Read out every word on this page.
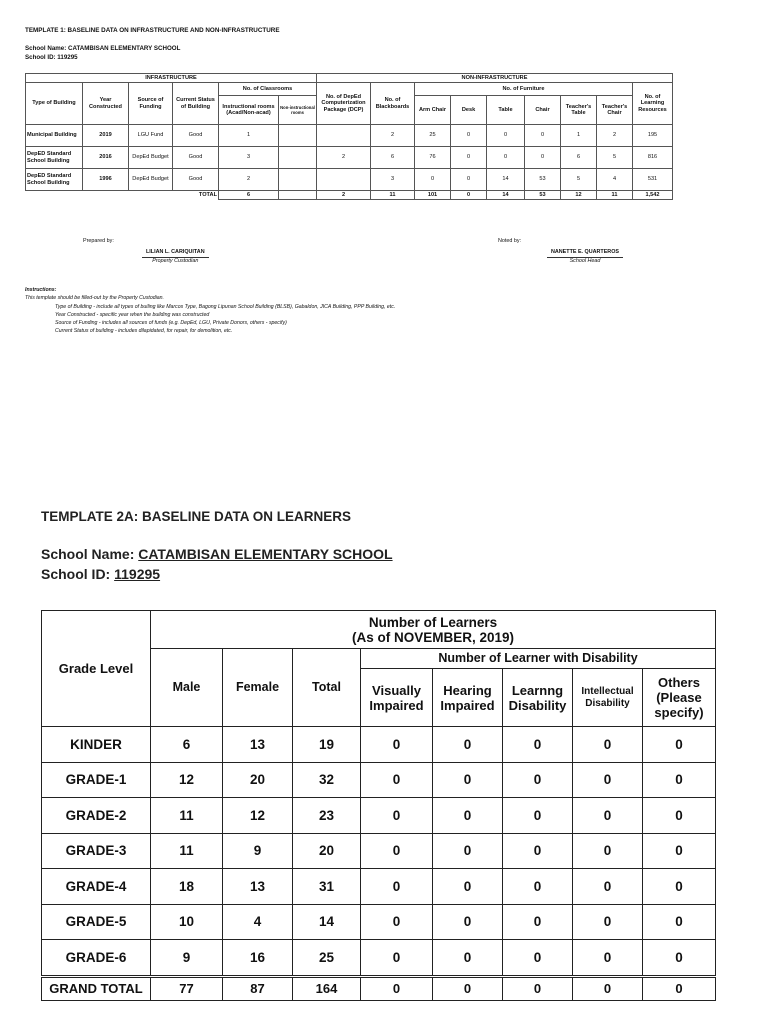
TEMPLATE 1: BASELINE DATA ON INFRASTRUCTURE AND NON-INFRASTRUCTURE

School Name: CATAMBISAN ELEMENTARY SCHOOL
School ID: 119295
INFRASTRUCTURE						NON-INFRASTRUCTURE								
Type of Building	Year Constructed	Source of Funding	Current Status of Building	No. of Classrooms		No. of DepEd Computerization Package (DCP)	No. of Blackboards	No. of Furniture						No. of Learning Resources
				Instructional rooms (Acad/Non-acad)	Non-instructional rooms			Arm Chair	Desk	Table	Chair	Teacher's Table	Teacher's Chair	
Municipal Building	2019	LGU Fund	Good	1			2	25	0	0	0	1	2	195
DepED Standard School Building	2016	DepEd Budget	Good	3		2	6	76	0	0	0	6	5	816
DepED Standard School Building	1996	DepEd Budget	Good	2			3	0	0	14	53	5	4	531
			TOTAL	6		2	11	101	0	14	53	12	11	1,542
Prepared by:
LILIAN L. CARIQUITAN
Property Custodian
Noted by:
NANETTE E. QUARTEROS
School Head
Instructions:
This template should be filled-out by the Property Custodian.
Type of Building - include all types of builing like Marcos Type, Bagong Lipunan School Building (BLSB), Gabaldon, JICA Building, PPP Building, etc.
Year Constructed - specific year when the building was constructed
Source of Funding - includes all sources of funds (e.g. DepEd, LGU, Private Donors, others - specify)
Current Status of building - includes dilapidated, for repair, for demolition, etc.
TEMPLATE 2A: BASELINE DATA ON LEARNERS
School Name: CATAMBISAN ELEMENTARY SCHOOL
School ID: 119295
Grade Level	Number of Learners
(As of NOVEMBER, 2019)							

	Male	Female	Total	Number of Learner with Disability				
				Visually Impaired	Hearing Impaired	Learnng Disability	Intellectual Disability	Others (Please specify)
KINDER	6	13	19	0	0	0	0	0
GRADE-1	12	20	32	0	0	0	0	0
GRADE-2	11	12	23	0	0	0	0	0
GRADE-3	11	9	20	0	0	0	0	0
GRADE-4	18	13	31	0	0	0	0	0
GRADE-5	10	4	14	0	0	0	0	0
GRADE-6	9	16	25	0	0	0	0	0
GRAND TOTAL	77	87	164	0	0	0	0	0
